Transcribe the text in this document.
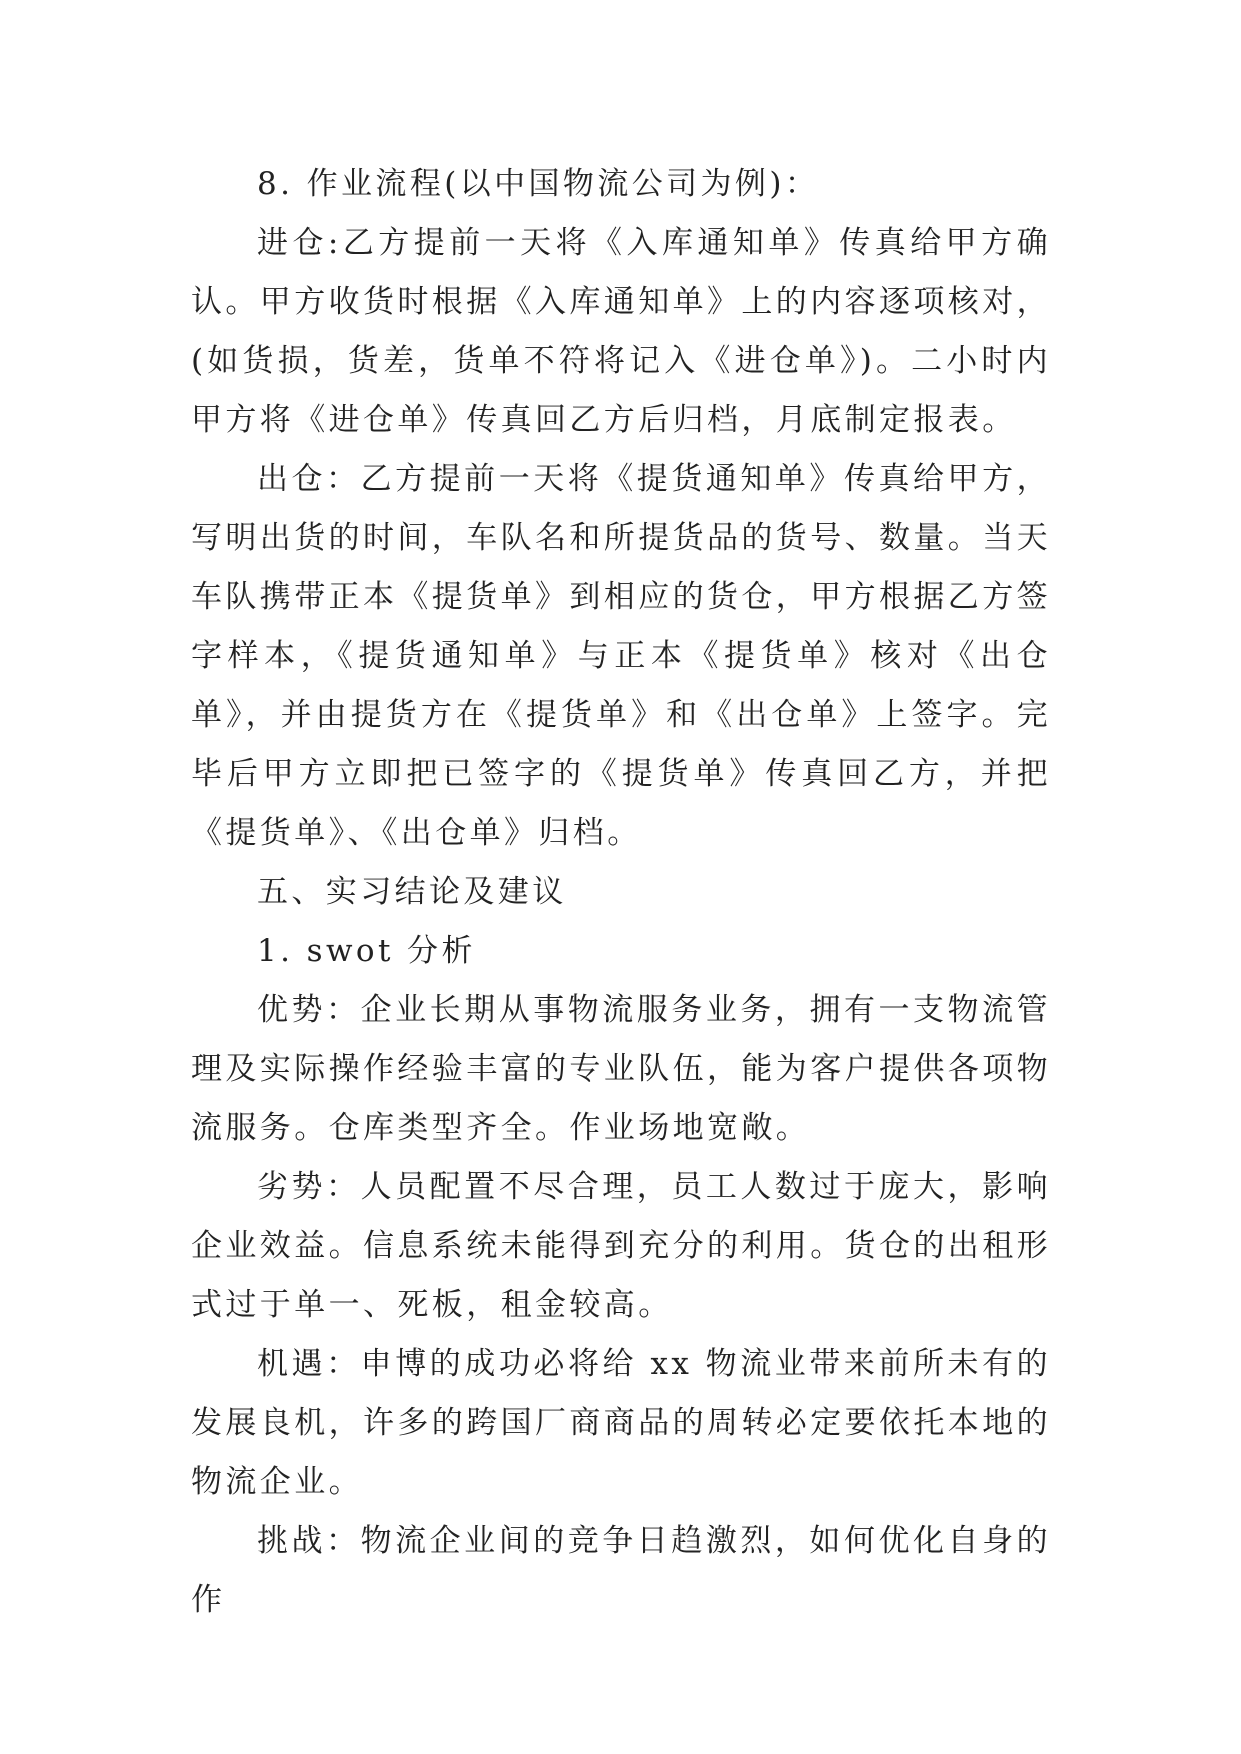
8. 作业流程(以中国物流公司为例)：

进仓:乙方提前一天将《入库通知单》传真给甲方确认。甲方收货时根据《入库通知单》上的内容逐项核对，(如货损，货差，货单不符将记入《进仓单》)。二小时内甲方将《进仓单》传真回乙方后归档，月底制定报表。

出仓：乙方提前一天将《提货通知单》传真给甲方，写明出货的时间，车队名和所提货品的货号、数量。当天车队携带正本《提货单》到相应的货仓，甲方根据乙方签字样本，《提货通知单》与正本《提货单》核对《出仓单》，并由提货方在《提货单》和《出仓单》上签字。完毕后甲方立即把已签字的《提货单》传真回乙方，并把《提货单》、《出仓单》归档。

五、实习结论及建议

1. swot 分析

优势：企业长期从事物流服务业务，拥有一支物流管理及实际操作经验丰富的专业队伍，能为客户提供各项物流服务。仓库类型齐全。作业场地宽敞。

劣势：人员配置不尽合理，员工人数过于庞大，影响企业效益。信息系统未能得到充分的利用。货仓的出租形式过于单一、死板，租金较高。

机遇：申博的成功必将给 xx 物流业带来前所未有的发展良机，许多的跨国厂商商品的周转必定要依托本地的物流企业。

挑战：物流企业间的竞争日趋激烈，如何优化自身的作
